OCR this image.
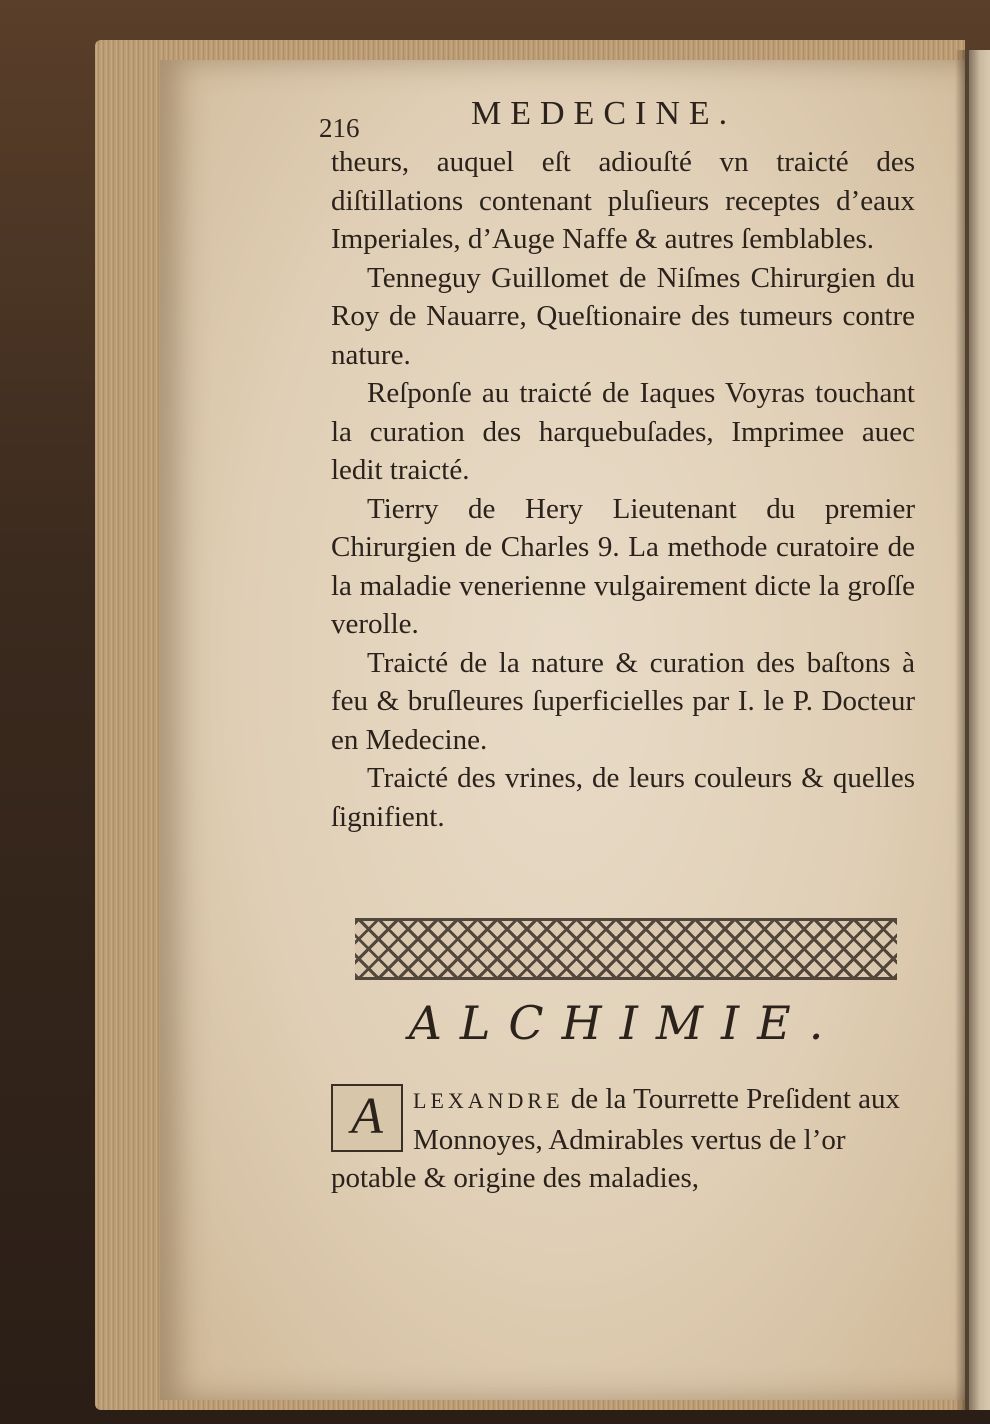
216	MEDECINE.

theurs, auquel eſt adiouſté vn traicté des diſtillations contenant pluſieurs receptes d’eaux Imperiales, d’Auge Naffe & autres ſemblables.

Tenneguy Guillomet de Niſmes Chirurgien du Roy de Nauarre, Queſtionaire des tumeurs contre nature.

Reſponſe au traicté de Iaques Voyras touchant la curation des harquebuſades, Imprimee auec ledit traicté.

Tierry de Hery Lieutenant du premier Chirurgien de Charles 9. La methode curatoire de la maladie venerienne vulgairement dicte la groſſe verolle.

Traicté de la nature & curation des baſtons à feu & bruſleures ſuperficielles par I. le P. Docteur en Medecine.

Traicté des vrines, de leurs couleurs & quelles ſignifient.

ALCHIMIE.
A	LEXANDRE de la Tourrette Preſident aux Monnoyes, Admirables vertus de l’or potable & origine des maladies,
